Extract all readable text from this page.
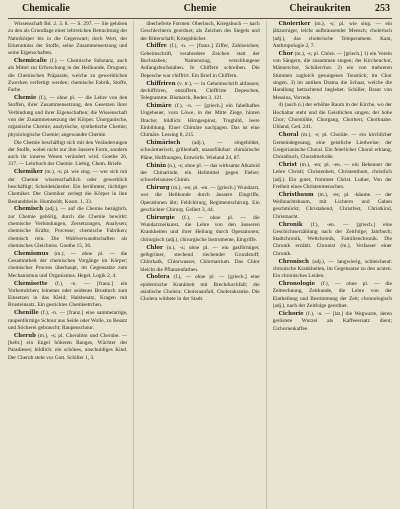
Chemicalie	Chemie	Cheiraukriten 253

Wissenschaft Bd. 2. 3. 8. — S. 297. — Sie gehören zu den als Grundlage einer lehrreichen Betrachtung der Naturkörper bis in die Gegenwart; doch Wert, der Erkenntniss der Stoffe, seine Zusammensetzung und seine Eigenschaften.

Chemicalie (f.) — Chemische Substanz, auch als Mittel zur Erforschung in der Heilkunde, Droguen; die Chemischen Präparate, welche zu gewerblichen Zwecken verfertigt werden; chemische Fabrik, Stoffe, Farbe.

Chemie (f.), — ohne pl. — die Lehre von den Stoffen, ihrer Zusammensetzung, den Gesetzen ihrer Verbindung und ihrer Eigenschaften; die Wissenschaft von der Zusammensetzung der Körper. Unorganische, organische Chemie; analytische, synthetische Chemie; physiologische Chemie; angewandte Chemie.

Die Chemie beschäftigt sich mit den Veränderungen der Stoffe, wobei nicht nur ihre äussere Form, sondern auch ihr inneres Wesen verändert wird. Goethe 26, 317. — Lehrbuch der Chemie. Liebig, Chem. Briefe.

Chemiker (m.), -s; pl. wie sing. — wer sich mit der Chemie wissenschaftlich oder gewerblich beschäftigt; Scheidekünstler. Ein berühmter, tüchtiger Chemiker. Der Chemiker zerlegt die Körper in ihre Bestandtheile. Humboldt, Kosm. 1, 33.

Chemisch (adj.), — auf die Chemie bezüglich, zur Chemie gehörig, durch die Chemie bewirkt: chemische Verbindungen, Zersetzungen, Analysen; chemische Kräfte, Processe; chemische Fabriken; chemisch rein. Die Wahlverwandtschaften als chemisches Gleichniss. Goethe 15, 36.

Chemismus (m.), — ohne pl. — die Gesammtheit der chemischen Vorgänge im Körper; chemischer Process überhaupt, im Gegensatze zum Mechanismus und Organismus. Hegel, Logik 2, 4.

Chemisette (f.), -n. — [franz.] ein Vorhemdchen; leinenes oder seidenes Brusttuch zum Einsetzen in das Kleid; Halsbesatz, Kragen mit Brusteinsatz. Ein gesticktes Chemisettchen.

Chenille (f.), -n. — [franz.] eine sammetartige, raupenförmige Schnur aus Seide oder Wolle, zu Besatz und Stickerei gebraucht; Raupenschnur.

Cherub (m.), -s; pl. Cherubim und Cherube. — [hebr.] ein Engel höheren Ranges, Wächter des Paradieses; bildlich: ein schönes, unschuldiges Kind. Der Cherub steht vor Gott. Schiller 1, 3.

überlieferte Formen: Oberbuch, Kriegsbuch — nach Geschlechtern geordnet; als Zeichen des Siegels und der Ritterschaft; Kriegsbücher.

Chiffre (f.), -n. — [franz.] Ziffer, Zahlzeichen; Geheimschrift, verabredete Zeichen statt der Buchstaben; Namenszug, verschlungene Anfangsbuchstaben. In Chiffern schreiben. Die Depesche war chiffrirt. Ein Brief in Chiffern.

Chiffriren (v. tr.), — in Geheimschrift abfassen; dechiffriren, entziffern. Chiffrirte Depeschen, Telegramme. Bismarck, Reden 3, 121.

Chimäre (f.), -n. — [griech.] ein fabelhaftes Ungeheuer, vorn Löwe, in der Mitte Ziege, hinten Drache; bildlich: Hirngespinst, Trugbild, leere Einbildung. Einer Chimäre nachjagen. Das ist eine Chimäre. Lessing 8, 215.

Chimärisch (adj.), — eingebildet, schwärmerisch, grillenhaft, unausführbar: chimärische Pläne, Hoffnungen, Entwürfe. Wieland 24, 87.

Chinin (n.), -s; ohne pl. — das wirksame Alkaloid der Chinarinde, ein Heilmittel gegen Fieber; schwefelsaures Chinin.

Chirurg (m.), -en; pl. -en. — [griech.] Wundarzt, wer die Heilkunde durch äussere Eingriffe, Operationen übt; Feldchirurg, Regimentschirurg. Ein geschickter Chirurg. Gellert 3, 44.

Chirurgie (f.), — ohne pl. — die Wundarzneikunst, die Lehre von den äusseren Krankheiten und ihrer Heilung durch Operationen; chirurgisch (adj.), chirurgische Instrumente, Eingriffe.

Chlor (n.), -s; ohne pl. — ein gasförmiger, gelbgrüner, stechend riechender Grundstoff; Chlorkalk, Chlorwasser, Chlornatrium. Das Chlor bleicht die Pflanzenfarben.

Cholera (f.), — ohne pl. — [griech.] eine epidemische Krankheit mit Brechdurchfall; die asiatische Cholera; Choleraanfall, Cholerakranke. Die Cholera wüthete in der Stadt.

Choleriker (m.), -s; pl. wie sing. — ein jähzorniger, leicht aufbrausender Mensch; cholerisch (adj.), das cholerische Temperament. Kant, Anthropologie 2, 7.

Chor (m.), -s; pl. Chöre. — [griech.] 1) ein Verein von Sängern, die zusammen singen; der Kirchenchor, Männerchor, Schülerchor. 2) ein von mehreren Stimmen zugleich gesungenes Tonstück; im Chor singen. 3) im antiken Drama die Schaar, welche die Handlung betrachtend begleitet. Schiller, Braut von Messina, Vorrede.

4) (auch n.) der erhöhte Raum in der Kirche, wo der Hochaltar steht und die Geistlichen singen; der hohe Chor; Chorstühle, Chorgang, Chorherr, Chorknabe. Uhland, Ged. 241.

Choral (m.), -s; pl. Choräle. — ein kirchlicher Gemeindegesang, eine geistliche Liedweise; der Gregorianische Choral. Ein feierlicher Choral erklang. Choralbuch, Choralmelodie.

Christ (m.), -en; pl. -en. — ein Bekenner der Lehre Christi; Christenheit, Christenthum, christlich (adj.). Ein guter, frommer Christ. Luther, Von der Freiheit eines Christenmenschen.

Christbaum (m.), -es; pl. -bäume. — der Weihnachtsbaum, mit Lichtern und Gaben geschmückt; Christabend, Christfest, Christkind, Christnacht.

Chronik (f.), -en. — [griech.] eine Geschichtserzählung nach der Zeitfolge; Jahrbuch; Stadtchronik, Weltchronik, Familienchronik. Die Chronik erzählt. Chronist (m.), Verfasser einer Chronik.

Chronisch (adj.), — langwierig, schleichend: chronische Krankheiten, im Gegensatze zu den acuten. Ein chronisches Leiden.

Chronologie (f.), — ohne pl. — die Zeitrechnung, Zeitkunde, die Lehre von der Eintheilung und Bestimmung der Zeit; chronologisch (adj.), nach der Zeitfolge geordnet.

Cichorie (f.), -n. — [lat.] die Wegwarte, deren geröstete Wurzel als Kaffeeersatz dient; Cichorienkaffee.
